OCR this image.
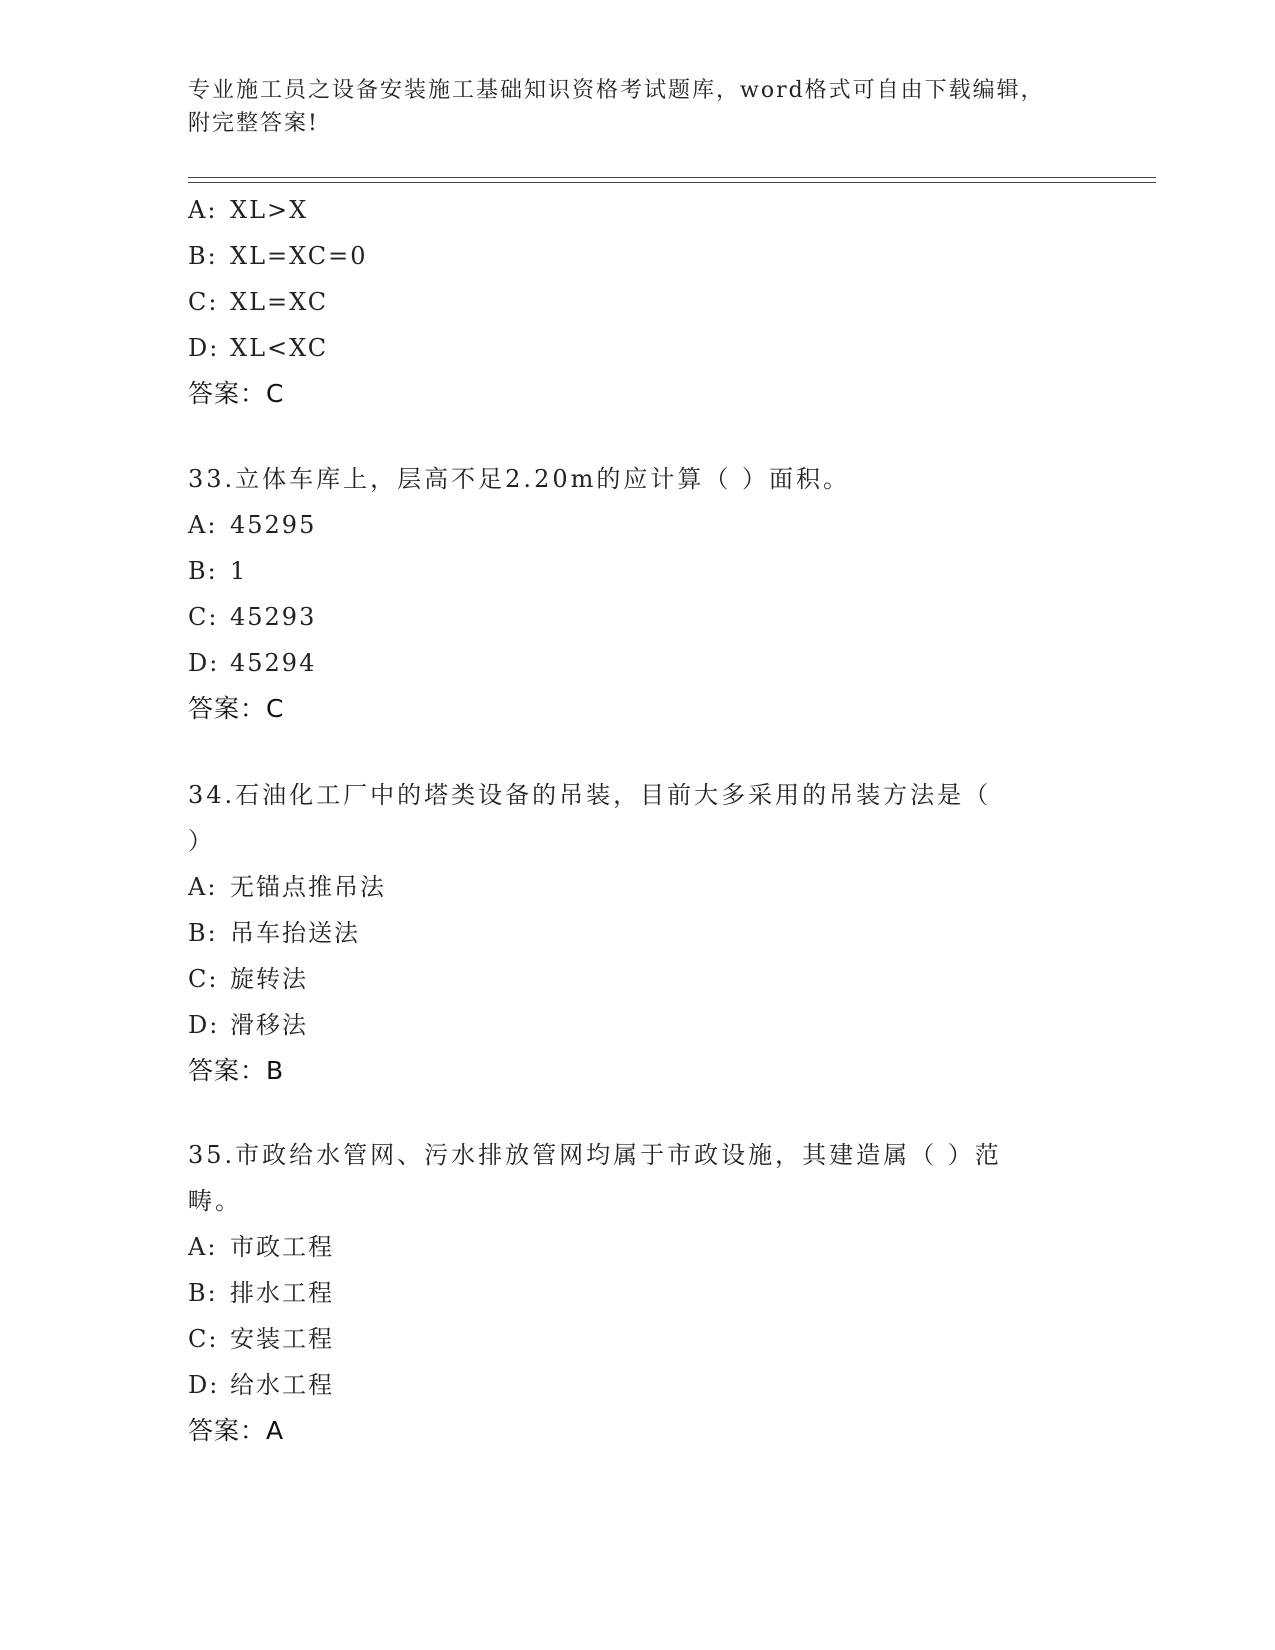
专业施工员之设备安装施工基础知识资格考试题库，word格式可自由下载编辑，
附完整答案!
A: XL>X
B: XL=XC=0
C: XL=XC
D: XL<XC
答案：C
33.立体车库上，层高不足2.20m的应计算（ ）面积。
A: 45295
B: 1
C: 45293
D: 45294
答案：C
34.石油化工厂中的塔类设备的吊装，目前大多采用的吊装方法是（
）
A: 无锚点推吊法
B: 吊车抬送法
C: 旋转法
D: 滑移法
答案：B
35.市政给水管网、污水排放管网均属于市政设施，其建造属（ ）范
畴。
A: 市政工程
B: 排水工程
C: 安装工程
D: 给水工程
答案：A
